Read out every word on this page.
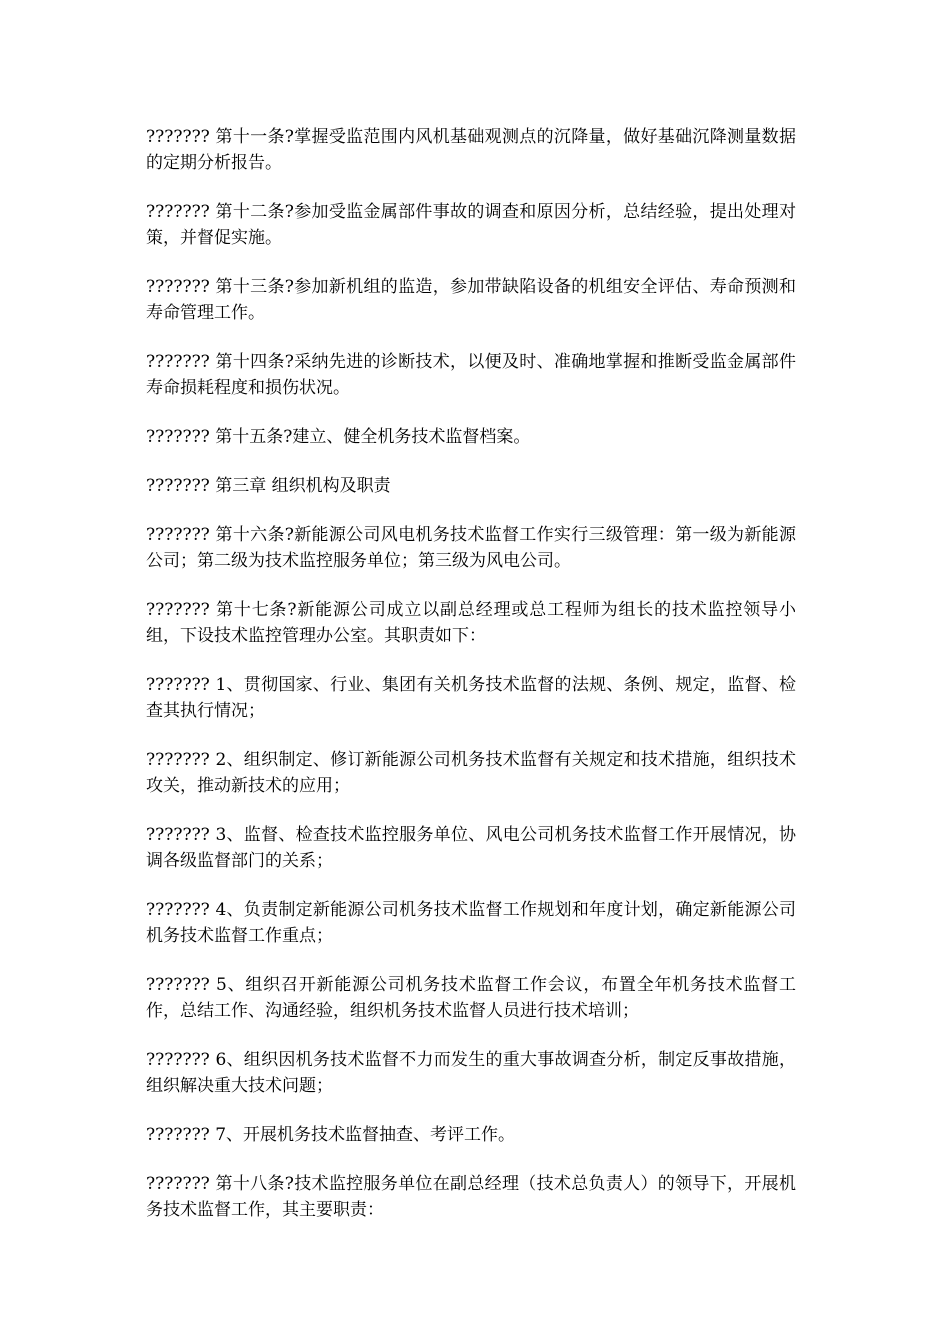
??????? 第十一条?掌握受监范围内风机基础观测点的沉降量，做好基础沉降测量数据的定期分析报告。

??????? 第十二条?参加受监金属部件事故的调查和原因分析，总结经验，提出处理对策，并督促实施。

??????? 第十三条?参加新机组的监造，参加带缺陷设备的机组安全评估、寿命预测和寿命管理工作。

??????? 第十四条?采纳先进的诊断技术，以便及时、准确地掌握和推断受监金属部件寿命损耗程度和损伤状况。

??????? 第十五条?建立、健全机务技术监督档案。

??????? 第三章 组织机构及职责

??????? 第十六条?新能源公司风电机务技术监督工作实行三级管理：第一级为新能源公司；第二级为技术监控服务单位；第三级为风电公司。

??????? 第十七条?新能源公司成立以副总经理或总工程师为组长的技术监控领导小组，下设技术监控管理办公室。其职责如下：

??????? 1、贯彻国家、行业、集团有关机务技术监督的法规、条例、规定，监督、检查其执行情况；

??????? 2、组织制定、修订新能源公司机务技术监督有关规定和技术措施，组织技术攻关，推动新技术的应用；

??????? 3、监督、检查技术监控服务单位、风电公司机务技术监督工作开展情况，协调各级监督部门的关系；

??????? 4、负责制定新能源公司机务技术监督工作规划和年度计划，确定新能源公司机务技术监督工作重点；

??????? 5、组织召开新能源公司机务技术监督工作会议，布置全年机务技术监督工作，总结工作、沟通经验，组织机务技术监督人员进行技术培训；

??????? 6、组织因机务技术监督不力而发生的重大事故调查分析，制定反事故措施，组织解决重大技术问题；

??????? 7、开展机务技术监督抽查、考评工作。

??????? 第十八条?技术监控服务单位在副总经理（技术总负责人）的领导下，开展机务技术监督工作，其主要职责：
